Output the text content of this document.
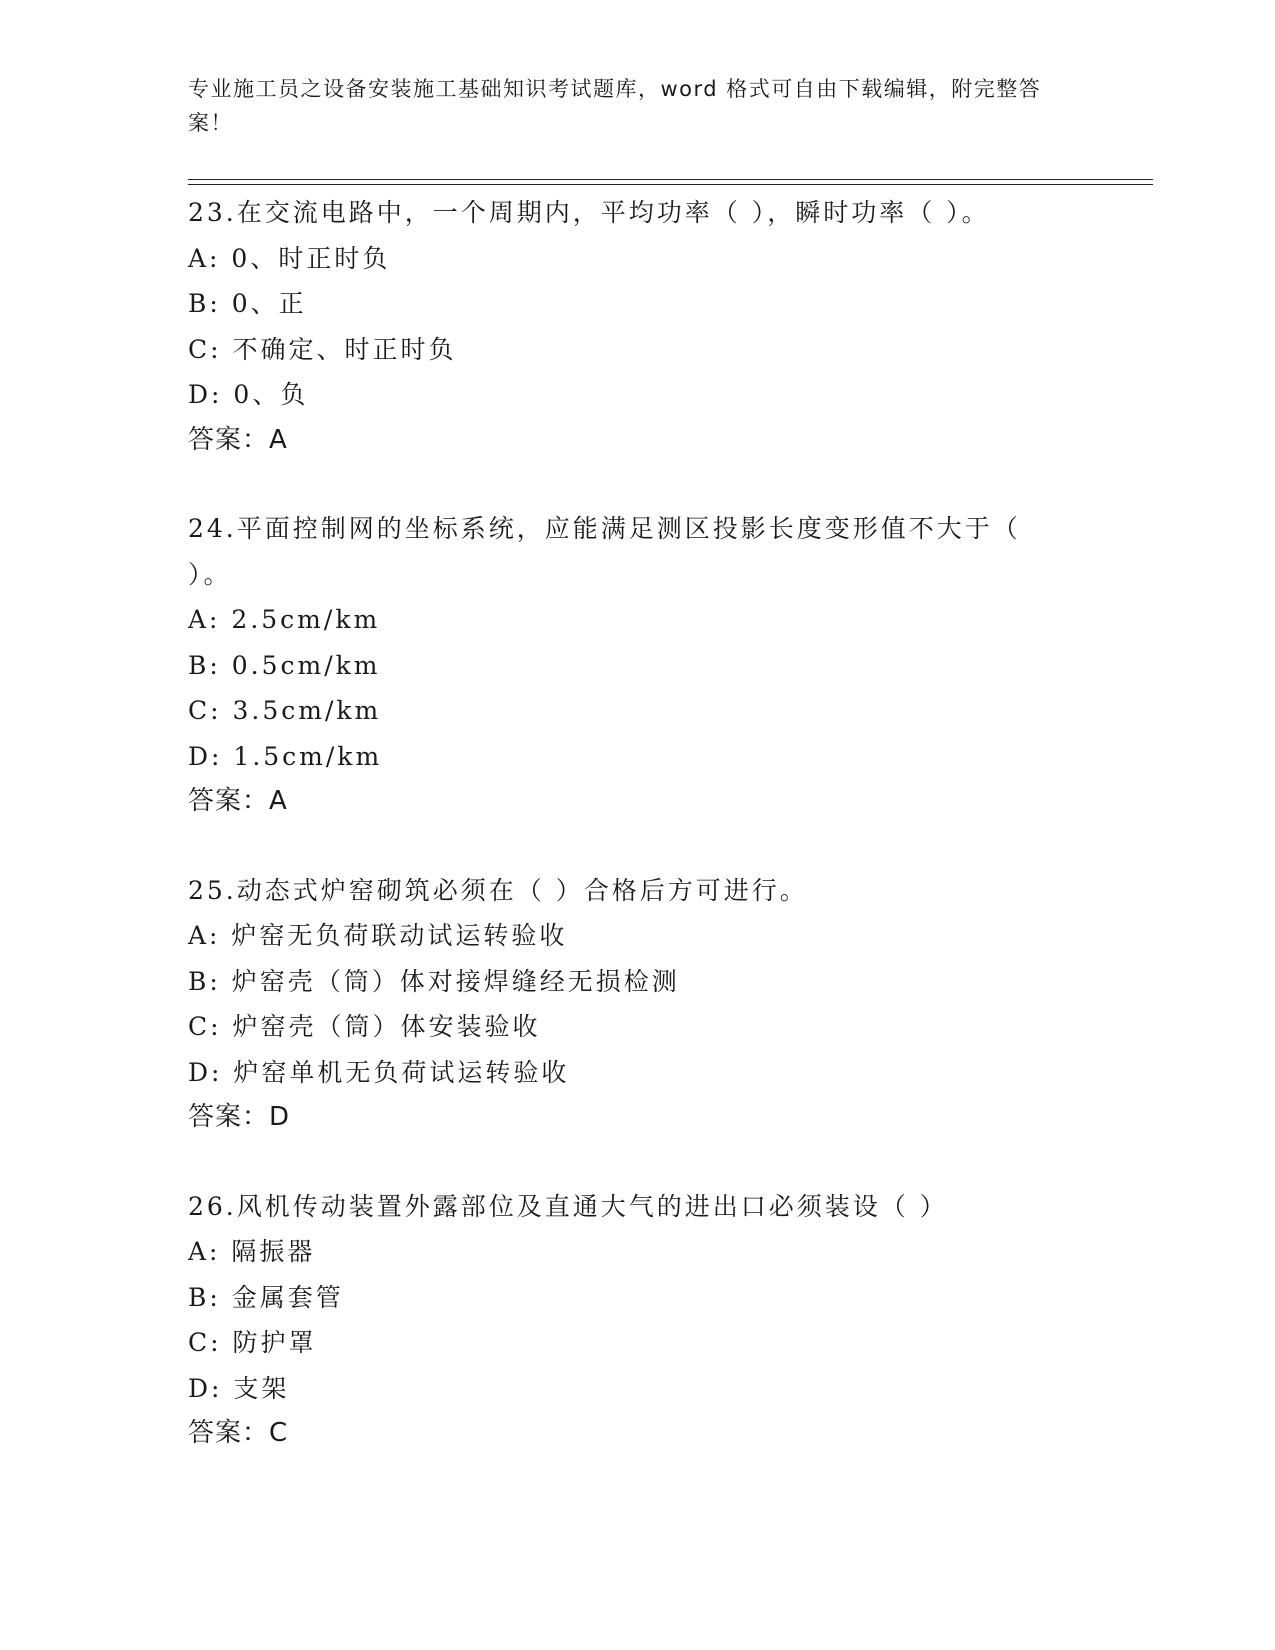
专业施工员之设备安装施工基础知识考试题库，word 格式可自由下载编辑，附完整答案！

23.在交流电路中，一个周期内，平均功率（ ），瞬时功率（ ）。

A: 0、时正时负

B: 0、正

C: 不确定、时正时负

D: 0、负

答案：A

24.平面控制网的坐标系统，应能满足测区投影长度变形值不大于（ ）。

A: 2.5cm/km

B: 0.5cm/km

C: 3.5cm/km

D: 1.5cm/km

答案：A

25.动态式炉窑砌筑必须在（ ）合格后方可进行。

A: 炉窑无负荷联动试运转验收

B: 炉窑壳（筒）体对接焊缝经无损检测

C: 炉窑壳（筒）体安装验收

D: 炉窑单机无负荷试运转验收

答案：D

26.风机传动装置外露部位及直通大气的进出口必须装设（ ）

A: 隔振器

B: 金属套管

C: 防护罩

D: 支架

答案：C
